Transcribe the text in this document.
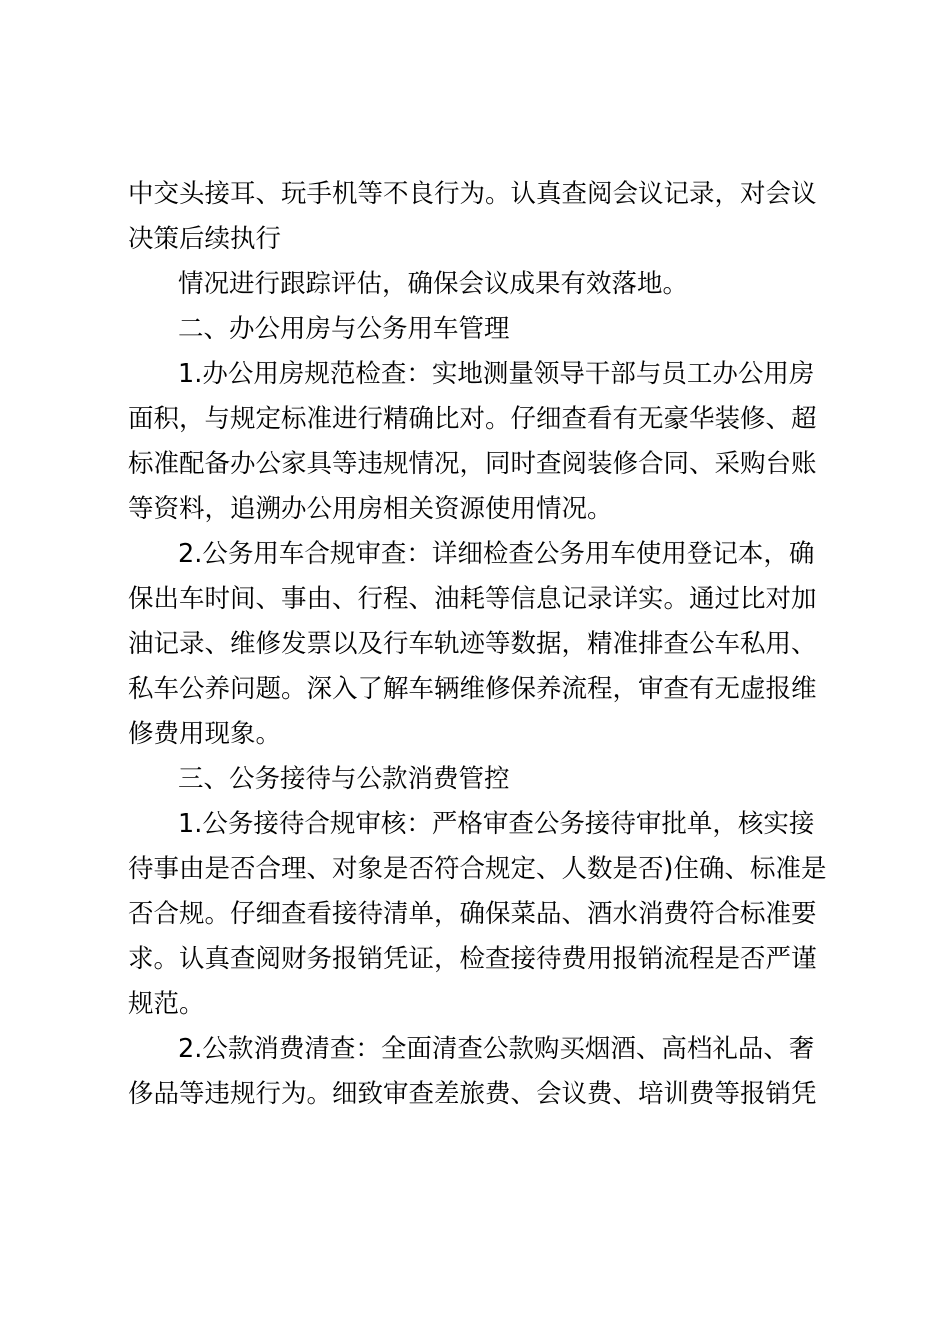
中交头接耳、玩手机等不良行为。认真查阅会议记录，对会议
决策后续执行
情况进行跟踪评估，确保会议成果有效落地。
二、办公用房与公务用车管理
1.办公用房规范检查：实地测量领导干部与员工办公用房
面积，与规定标准进行精确比对。仔细查看有无豪华装修、超
标准配备办公家具等违规情况，同时查阅装修合同、采购台账
等资料，追溯办公用房相关资源使用情况。
2.公务用车合规审查：详细检查公务用车使用登记本，确
保出车时间、事由、行程、油耗等信息记录详实。通过比对加
油记录、维修发票以及行车轨迹等数据，精准排查公车私用、
私车公养问题。深入了解车辆维修保养流程，审查有无虚报维
修费用现象。
三、公务接待与公款消费管控
1.公务接待合规审核：严格审查公务接待审批单，核实接
待事由是否合理、对象是否符合规定、人数是否)住确、标准是
否合规。仔细查看接待清单，确保菜品、酒水消费符合标准要
求。认真查阅财务报销凭证，检查接待费用报销流程是否严谨
规范。
2.公款消费清查：全面清查公款购买烟酒、高档礼品、奢
侈品等违规行为。细致审查差旅费、会议费、培训费等报销凭
